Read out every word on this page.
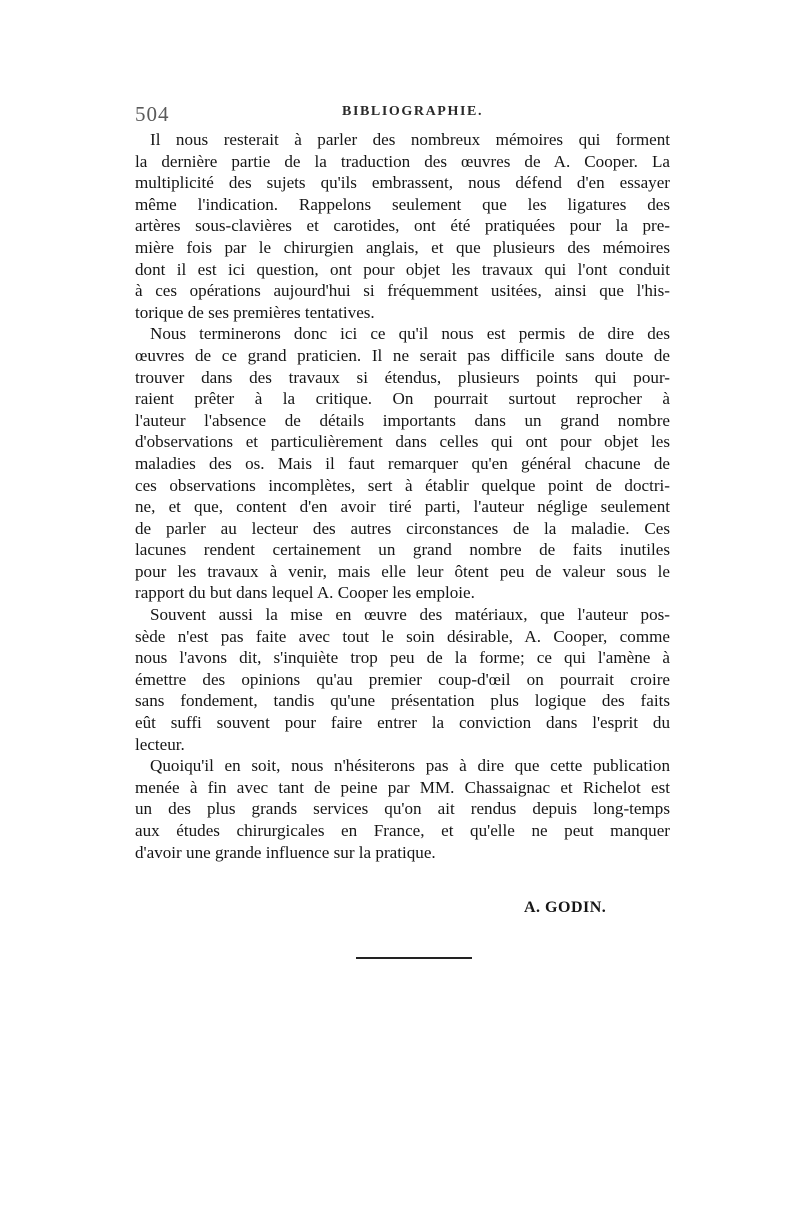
504	BIBLIOGRAPHIE.
Il nous resterait à parler des nombreux mémoires qui forment
la dernière partie de la traduction des œuvres de A. Cooper. La
multiplicité des sujets qu'ils embrassent, nous défend d'en essayer
même l'indication. Rappelons seulement que les ligatures des
artères sous-clavières et carotides, ont été pratiquées pour la pre-
mière fois par le chirurgien anglais, et que plusieurs des mémoires
dont il est ici question, ont pour objet les travaux qui l'ont conduit
à ces opérations aujourd'hui si fréquemment usitées, ainsi que l'his-
torique de ses premières tentatives.
Nous terminerons donc ici ce qu'il nous est permis de dire des
œuvres de ce grand praticien. Il ne serait pas difficile sans doute de
trouver dans des travaux si étendus, plusieurs points qui pour-
raient prêter à la critique. On pourrait surtout reprocher à
l'auteur l'absence de détails importants dans un grand nombre
d'observations et particulièrement dans celles qui ont pour objet les
maladies des os. Mais il faut remarquer qu'en général chacune de
ces observations incomplètes, sert à établir quelque point de doctri-
ne, et que, content d'en avoir tiré parti, l'auteur néglige seulement
de parler au lecteur des autres circonstances de la maladie. Ces
lacunes rendent certainement un grand nombre de faits inutiles
pour les travaux à venir, mais elle leur ôtent peu de valeur sous le
rapport du but dans lequel A. Cooper les emploie.
Souvent aussi la mise en œuvre des matériaux, que l'auteur pos-
sède n'est pas faite avec tout le soin désirable, A. Cooper, comme
nous l'avons dit, s'inquiète trop peu de la forme; ce qui l'amène à
émettre des opinions qu'au premier coup-d'œil on pourrait croire
sans fondement, tandis qu'une présentation plus logique des faits
eût suffi souvent pour faire entrer la conviction dans l'esprit du
lecteur.
Quoiqu'il en soit, nous n'hésiterons pas à dire que cette publication
menée à fin avec tant de peine par MM. Chassaignac et Richelot est
un des plus grands services qu'on ait rendus depuis long-temps
aux études chirurgicales en France, et qu'elle ne peut manquer
d'avoir une grande influence sur la pratique.
A. GODIN.
